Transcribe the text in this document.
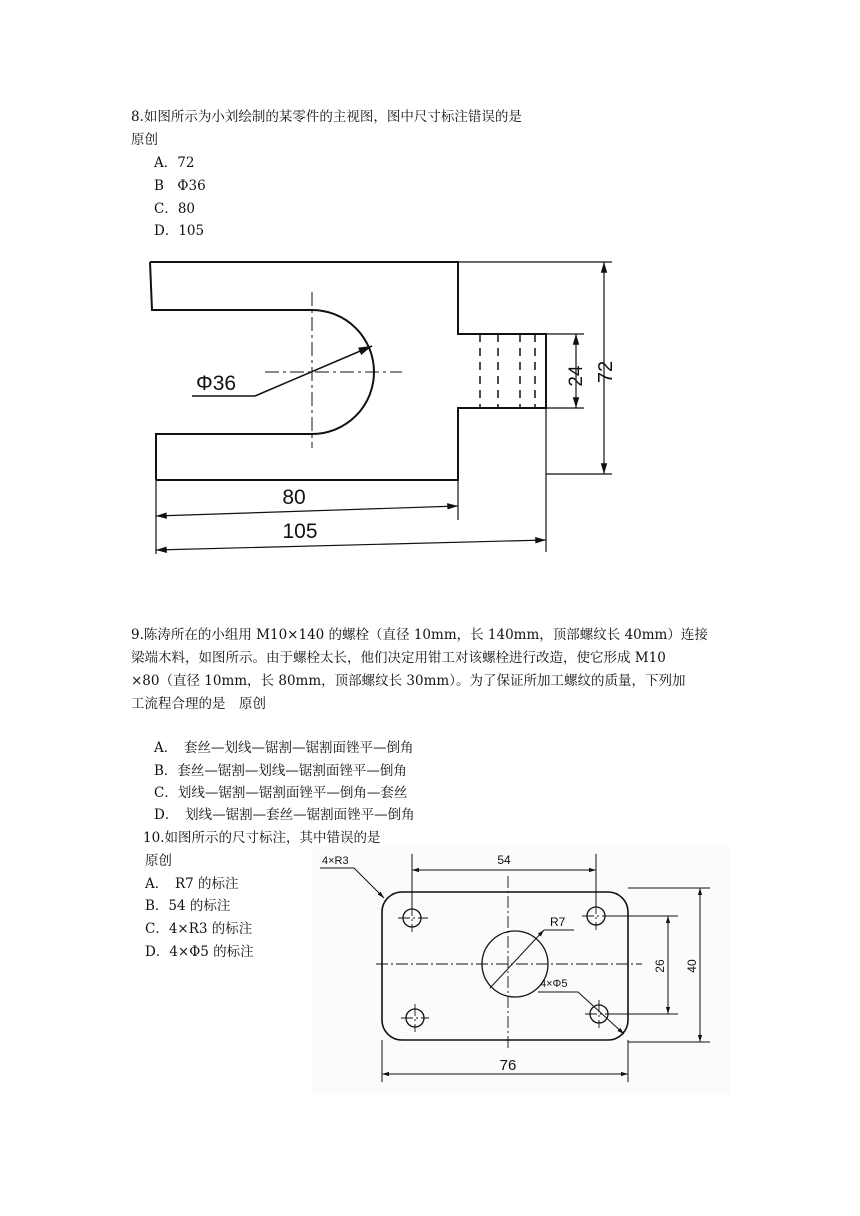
8.如图所示为小刘绘制的某零件的主视图，图中尺寸标注错误的是
原创
A．72
B　Φ36
C．80
D．105
Φ36	24 72
80
105
9.陈涛所在的小组用 M10×140 的螺栓（直径 10mm，长 140mm，顶部螺纹长 40mm）连接
梁端木料，如图所示。由于螺栓太长，他们决定用钳工对该螺栓进行改造，使它形成 M10
×80（直径 10mm，长 80mm，顶部螺纹长 30mm）。为了保证所加工螺纹的质量，下列加
工流程合理的是　原创
A．　套丝—划线—锯割—锯割面锉平—倒角
B．套丝—锯割—划线—锯割面锉平—倒角
C．划线—锯割—锯割面锉平—倒角—套丝
D．　划线—锯割—套丝—锯割面锉平—倒角
10.如图所示的尺寸标注，其中错误的是
原创
A．　R7 的标注
B．54 的标注
C．4×R3 的标注
D．4×Φ5 的标注
4×R3	54
R7
4×Φ5
26 40
76
